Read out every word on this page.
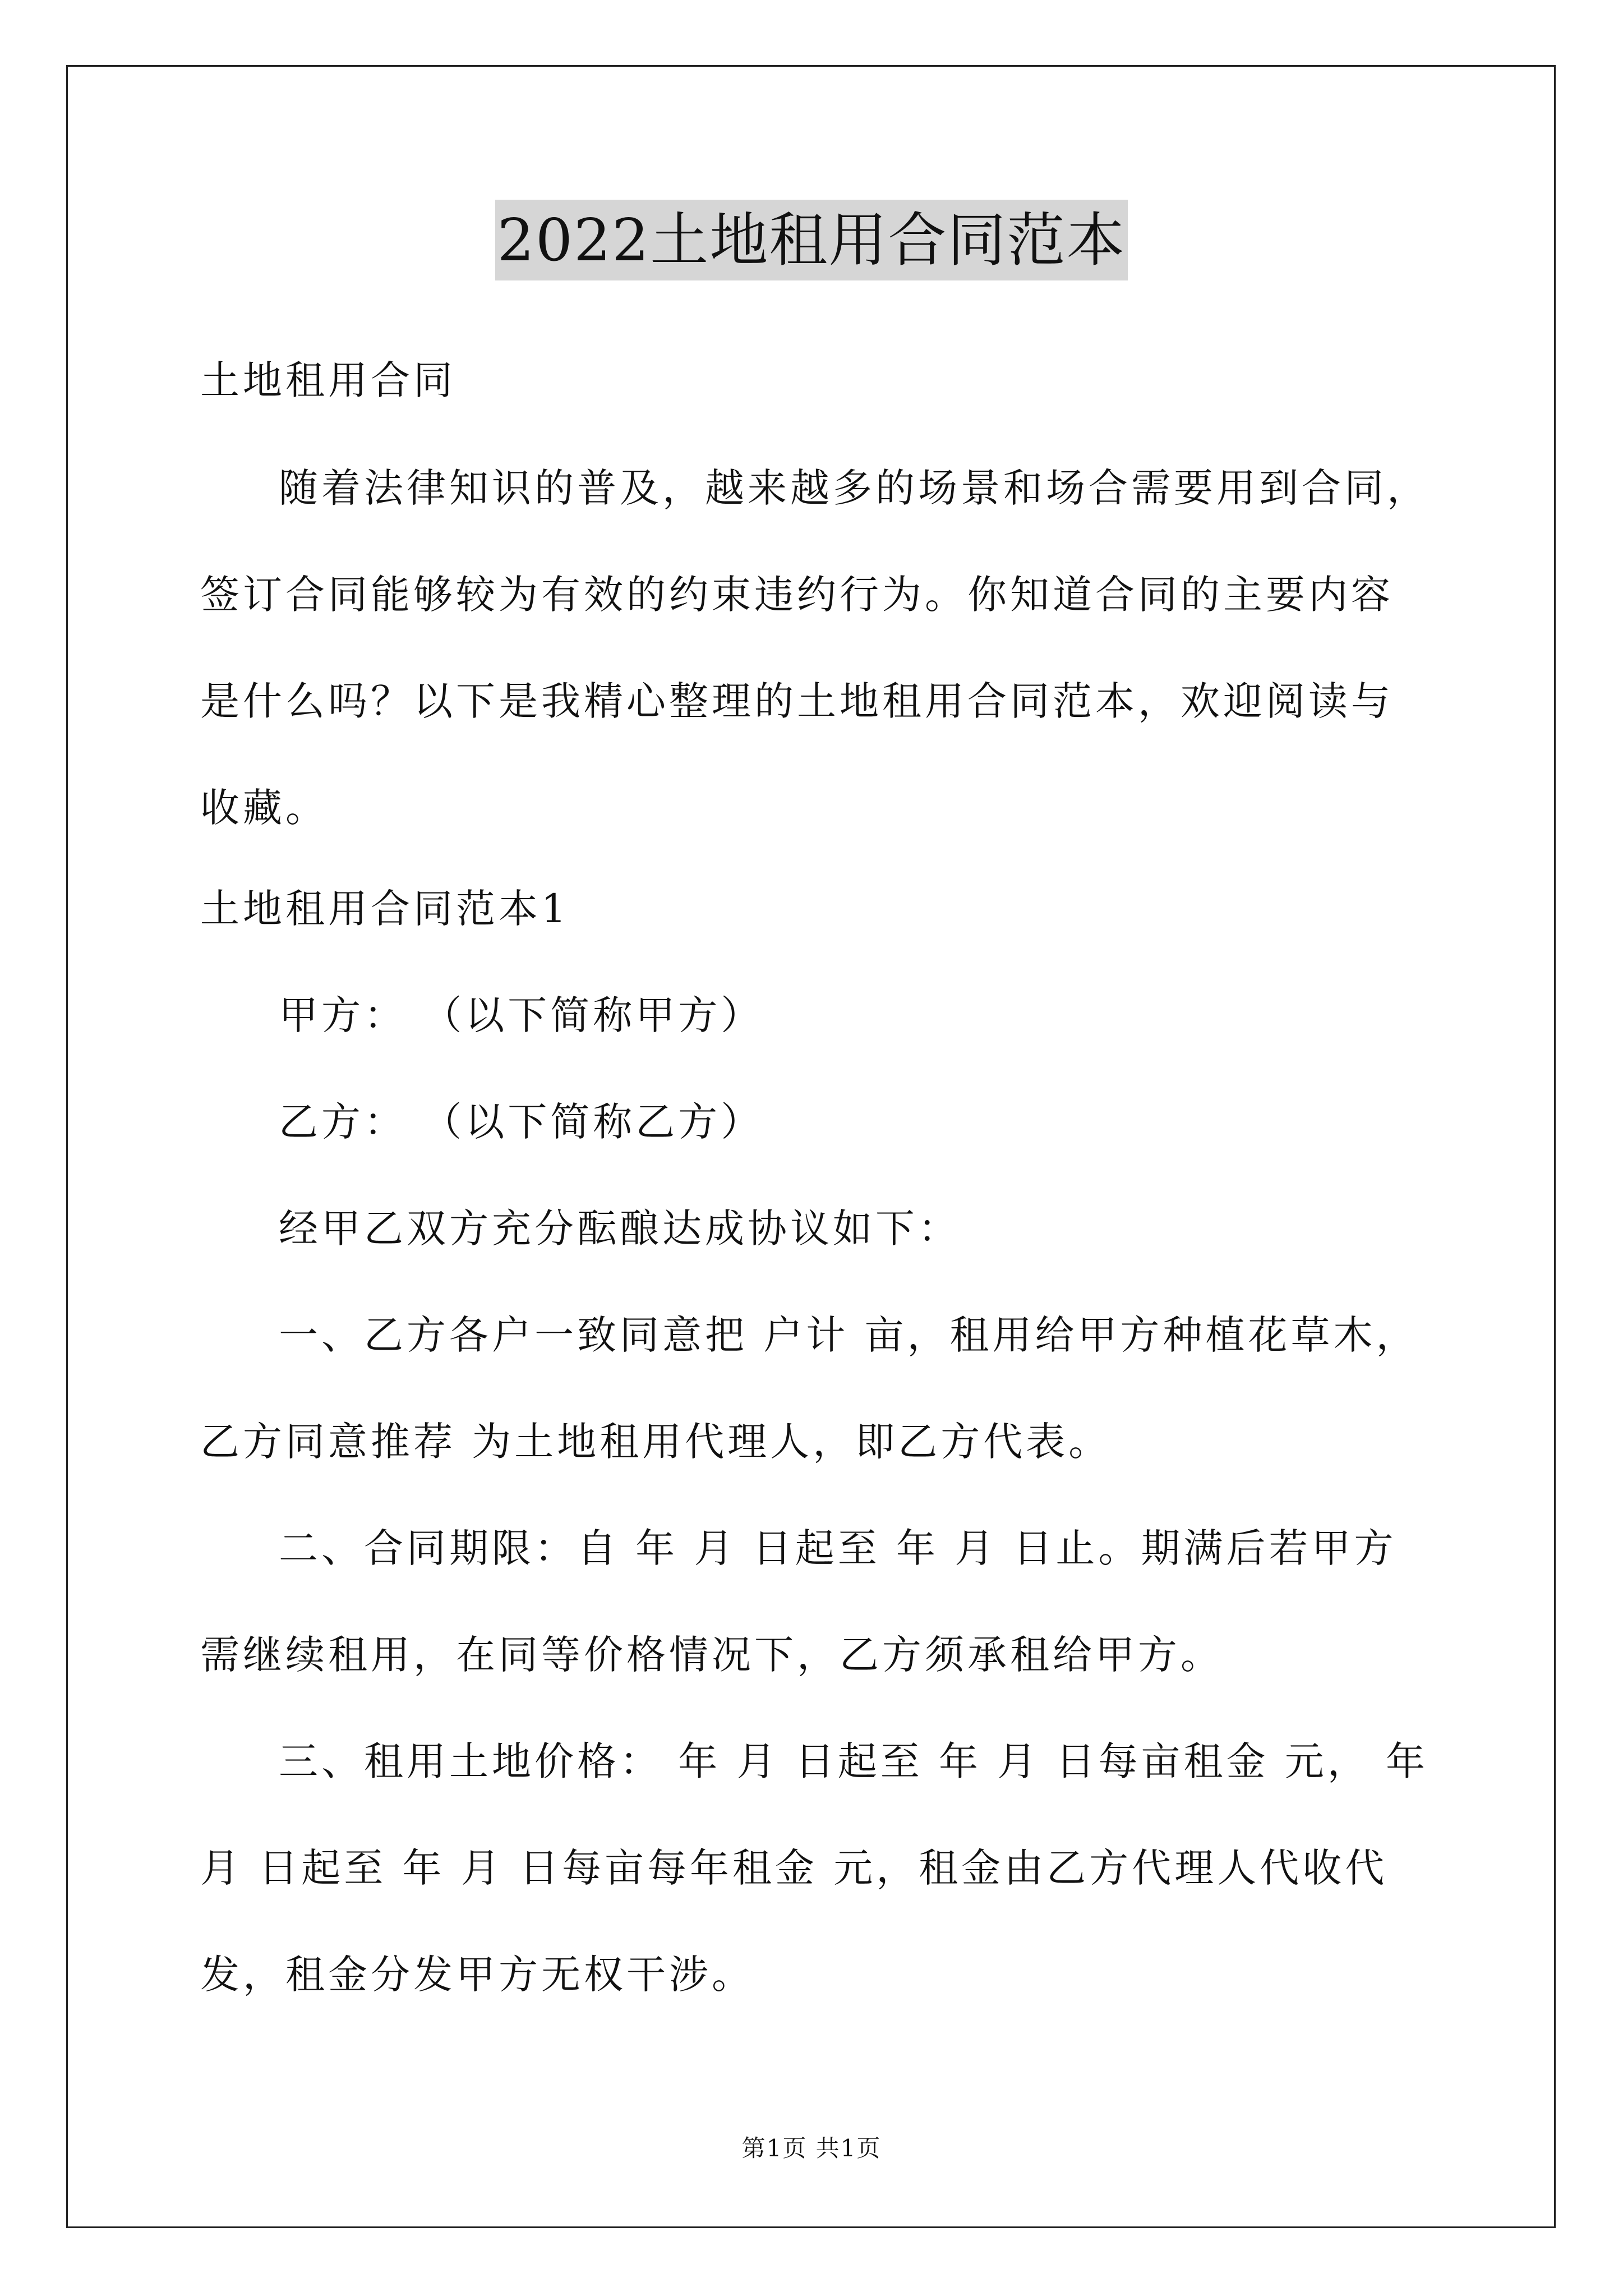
2022土地租用合同范本
土地租用合同

随着法律知识的普及，越来越多的场景和场合需要用到合同，签订合同能够较为有效的约束违约行为。你知道合同的主要内容是什么吗？以下是我精心整理的土地租用合同范本，欢迎阅读与收藏。

土地租用合同范本1

甲方： （以下简称甲方）

乙方： （以下简称乙方）

经甲乙双方充分酝酿达成协议如下：

一、乙方各户一致同意把 户计 亩，租用给甲方种植花草木，乙方同意推荐 为土地租用代理人，即乙方代表。

二、合同期限：自 年 月 日起至 年 月 日止。期满后若甲方需继续租用，在同等价格情况下，乙方须承租给甲方。

三、租用土地价格： 年 月 日起至 年 月 日每亩租金 元， 年 月 日起至 年 月 日每亩每年租金 元，租金由乙方代理人代收代发，租金分发甲方无权干涉。

第1页 共1页
